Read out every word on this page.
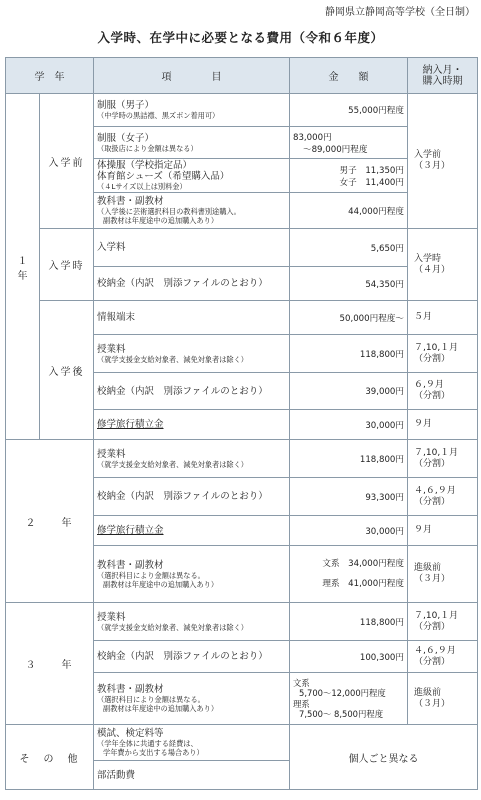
静岡県立静岡高等学校（全日制）
入学時、在学中に必要となる費用（令和６年度）
学　年		項　　　　目	金　　額	納入月・
購入時期
１
年	入学前	制服（男子）
（中学時の黒詰襟、黒ズボン着用可）	55,000円程度	入学前
（３月）

		制服（女子）
（取扱店により金額は異なる）	83,000円
～89,000円程度	

		体操服（学校指定品）
体育館シューズ（希望購入品）
（４Lサイズ以上は別料金）	男子　11,350円
女子　11,400円	

		教科書・副教材
（入学後に芸術選択科目の教科書別途購入。
副教材は年度途中の追加購入あり）	44,000円程度	
	入学時	入学料	5,650円	入学時
（４月）

		校納金（内訳　別添ファイルのとおり）	54,350円	
	入学後	情報端末	50,000円程度～	５月

		授業料
（就学支援金支給対象者、減免対象者は除く）	118,800円	７,10,１月
（分割）

		校納金（内訳　別添ファイルのとおり）	39,000円	６,９月
（分割）

		修学旅行積立金	30,000円	９月
２　　年		授業料
（就学支援金支給対象者、減免対象者は除く）	118,800円	７,10,１月
（分割）

		校納金（内訳　別添ファイルのとおり）	93,300円	４,６,９月
（分割）

		修学旅行積立金	30,000円	９月

		教科書・副教材
（選択科目により金額は異なる。
副教材は年度途中の追加購入あり）	文系　34,000円程度
理系　41,000円程度	進級前
（３月）
３　　年		授業料
（就学支援金支給対象者、減免対象者は除く）	118,800円	７,10,１月
（分割）

		校納金（内訳　別添ファイルのとおり）	100,300円	４,６,９月
（分割）

		教科書・副教材
（選択科目により金額は異なる。
副教材は年度途中の追加購入あり）	文系
5,700～12,000円程度
理系
7,500～ 8,500円程度	進級前
（３月）
そ　の　他		模試、検定料等
（学年全体に共通する経費は、
学年費から支出する場合あり）	個人ごと異なる	

		部活動費		
